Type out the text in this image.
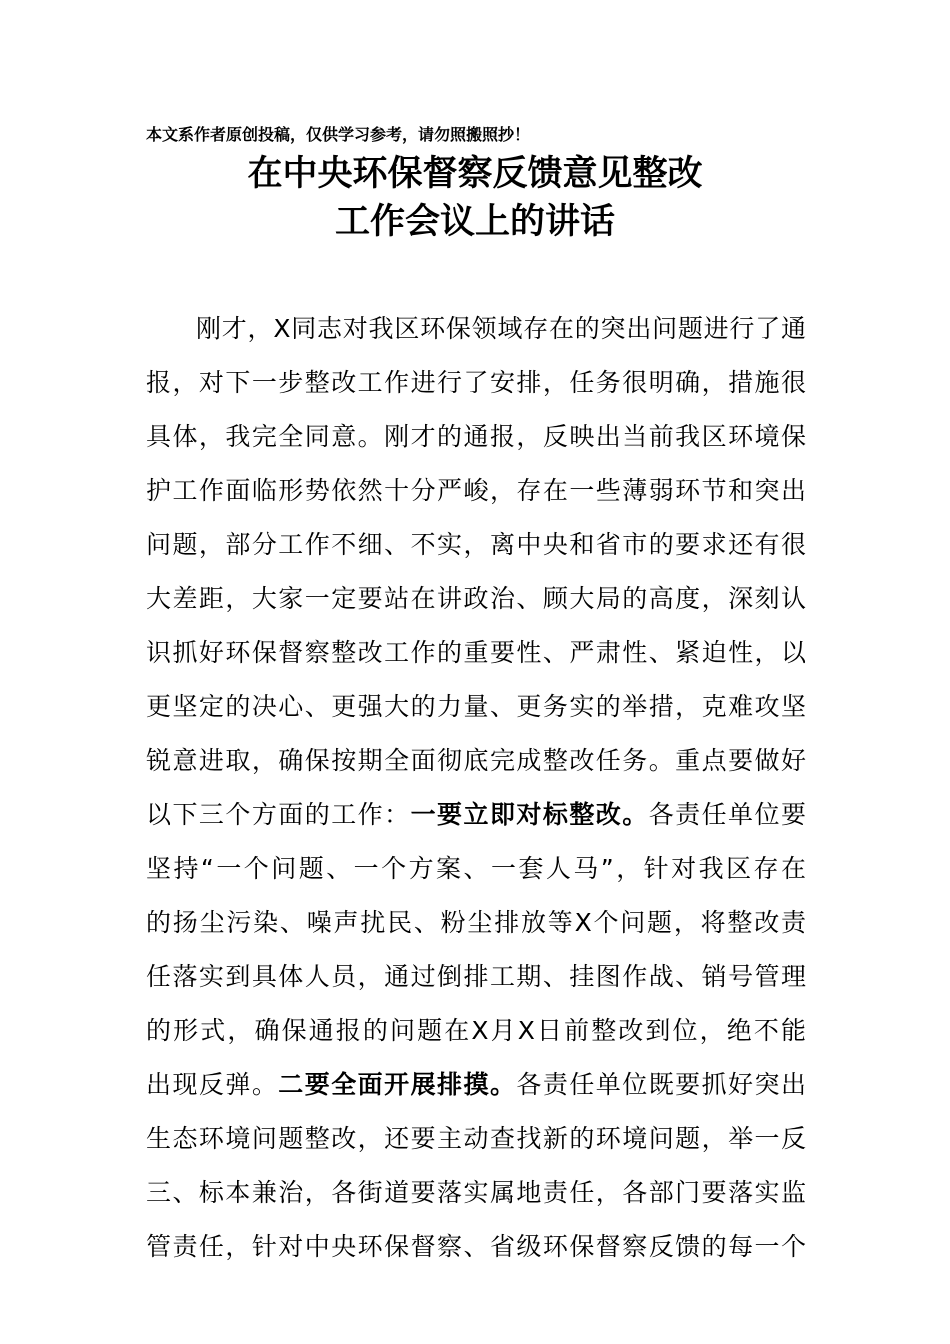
本文系作者原创投稿，仅供学习参考，请勿照搬照抄！
在中央环保督察反馈意见整改
工作会议上的讲话
刚才，X同志对我区环保领域存在的突出问题进行了通
报，对下一步整改工作进行了安排，任务很明确，措施很
具体，我完全同意。刚才的通报，反映出当前我区环境保
护工作面临形势依然十分严峻，存在一些薄弱环节和突出
问题，部分工作不细、不实，离中央和省市的要求还有很
大差距，大家一定要站在讲政治、顾大局的高度，深刻认
识抓好环保督察整改工作的重要性、严肃性、紧迫性，以
更坚定的决心、更强大的力量、更务实的举措，克难攻坚
锐意进取，确保按期全面彻底完成整改任务。重点要做好
以下三个方面的工作：一要立即对标整改。各责任单位要
坚持“一个问题、一个方案、一套人马”，针对我区存在
的扬尘污染、噪声扰民、粉尘排放等X个问题，将整改责
任落实到具体人员，通过倒排工期、挂图作战、销号管理
的形式，确保通报的问题在X月X日前整改到位，绝不能
出现反弹。二要全面开展排摸。各责任单位既要抓好突出
生态环境问题整改，还要主动查找新的环境问题，举一反
三、标本兼治，各街道要落实属地责任，各部门要落实监
管责任，针对中央环保督察、省级环保督察反馈的每一个
